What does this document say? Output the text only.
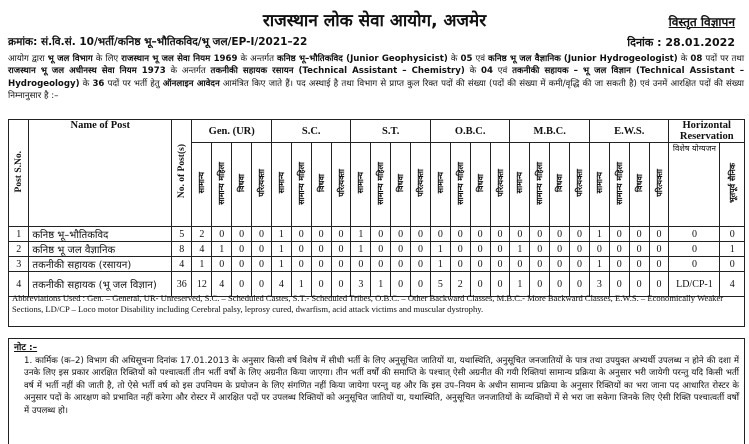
राजस्थान लोक सेवा आयोग, अजमेर	विस्तृत विज्ञापन
क्रमांक: सं.वि.सं. 10/भर्ती/कनिष्ठ भू–भौतिकविद/भू जल/EP-I/2021–22	दिनांक : 28.01.2022
आयोग द्वारा भू जल विभाग के लिए राजस्थान भू जल सेवा नियम 1969 के अन्तर्गत कनिष्ठ भू–भौतिकविद (Junior Geophysicist) के 05 एवं कनिष्ठ भू जल वैज्ञानिक (Junior Hydrogeologist) के 08 पदों पर तथा राजस्थान भू जल अधीनस्थ सेवा नियम 1973 के अन्तर्गत तकनीकी सहायक रसायन (Technical Assistant – Chemistry) के 04 एवं तकनीकी सहायक – भू जल विज्ञान (Technical Assistant – Hydrogeology) के 36 पदों पर भर्ती हेतु ऑनलाइन आवेदन आमंत्रित किए जाते हैं। पद अस्थाई है तथा विभाग से प्राप्त कुल रिक्त पदों की संख्या (पदों की संख्या में कमी/वृद्धि की जा सकती है) एवं उनमें आरक्षित पदों की संख्या निम्नानुसार है :–
Post S.No.	Name of Post	No. of Post(s)	Gen. (UR)				S.C.				S.T.				O.B.C.				M.B.C.				E.W.S.				Horizontal Reservation	
			सामान्य	सामान्य महिला	विधवा	परित्यक्ता	सामान्य	सामान्य महिला	विधवा	परित्यक्ता	सामान्य	सामान्य महिला	विधवा	परित्यक्ता	सामान्य	सामान्य महिला	विधवा	परित्यक्ता	सामान्य	सामान्य महिला	विधवा	परित्यक्ता	सामान्य	सामान्य महिला	विधवा	परित्यक्ता	विशेष योग्यजन	भूतपूर्व सैनिक
1	कनिष्ठ भू–भौतिकविद	5	2	0	0	0	1	0	0	0	1	0	0	0	0	0	0	0	0	0	0	0	1	0	0	0	0	0
2	कनिष्ठ भू जल वैज्ञानिक	8	4	1	0	0	1	0	0	0	1	0	0	0	1	0	0	0	1	0	0	0	0	0	0	0	0	1
3	तकनीकी सहायक (रसायन)	4	1	0	0	0	1	0	0	0	0	0	0	0	1	0	0	0	0	0	0	0	1	0	0	0	0	0
4	तकनीकी सहायक (भू जल विज्ञान)	36	12	4	0	0	4	1	0	0	3	1	0	0	5	2	0	0	1	0	0	0	3	0	0	0	LD/CP-1	4
Abbreviations Used : Gen. – General, UR- Unreserved, S.C. – Scheduled Castes, S.T.- Scheduled Tribes, O.B.C. – Other Backward Classes, M.B.C.- More Backward Classes, E.W.S. – Economically Weaker Sections, LD/CP – Loco motor Disability including Cerebral palsy, leprosy cured, dwarfism, acid attack victims and muscular dystrophy.
नोट :–
1. कार्मिक (क–2) विभाग की अधिसूचना दिनांक 17.01.2013 के अनुसार किसी वर्ष विशेष में सीधी भर्ती के लिए अनुसूचित जातियों या, यथास्थिति, अनुसूचित जनजातियों के पात्र तथा उपयुक्त अभ्यर्थी उपलब्ध न होने की दशा में उनके लिए इस प्रकार आरक्षित रिक्तियों को पश्चात्वर्ती तीन भर्ती वर्षों के लिए अग्रनीत किया जाएगा। तीन भर्ती वर्षों की समाप्ति के पश्चात् ऐसी अग्रनीत की गयी रिक्तियां सामान्य प्रक्रिया के अनुसार भरी जायेगी परन्तु यदि किसी भर्ती वर्ष में भर्ती नहीं की जाती है, तो ऐसे भर्ती वर्ष को इस उपनियम के प्रयोजन के लिए संगणित नहीं किया जायेगा परन्तु यह और कि इस उप–नियम के अधीन सामान्य प्रक्रिया के अनुसार रिक्तियों का भरा जाना पद आधारित रोस्टर के अनुसार पदों के आरक्षण को प्रभावित नहीं करेगा और रोस्टर में आरक्षित पदों पर उपलब्ध रिक्तियों को अनुसूचित जातियों या, यथास्थिति, अनुसूचित जनजातियों के व्यक्तियों में से भरा जा सकेगा जिनके लिए ऐसी रिक्ति पश्चात्वर्ती वर्षों में उपलब्ध हो।
